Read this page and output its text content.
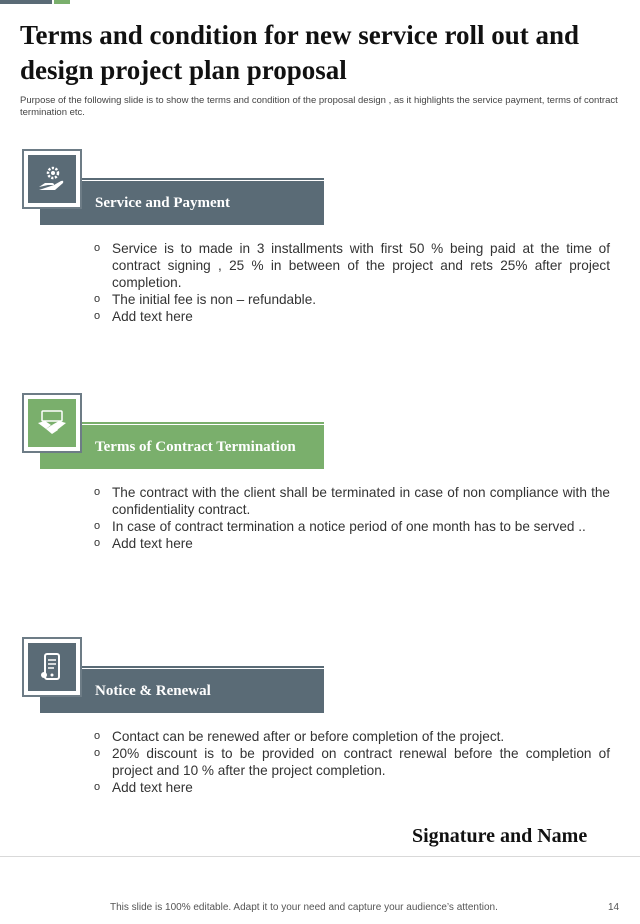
Terms and condition for new service roll out and design project plan proposal
Purpose of the following slide is to show the terms and condition of the proposal design , as it highlights the service payment, terms of contract termination etc.
Service and Payment
o Service is to made in 3 installments with first 50 % being paid at the time of contract signing , 25 % in between of the project and rets 25% after project completion.
o The initial fee is non – refundable.
o Add text here
Terms of Contract Termination
o The contract with the client shall be terminated in case of non compliance with the confidentiality contract.
o In case of contract termination a notice period of one month has to be served ..
o Add text here
Notice & Renewal
o Contact can be renewed after or before completion of the project.
o 20% discount is to be provided on contract renewal before the completion of project and 10 % after the project completion.
o Add text here
Signature and Name
This slide is 100% editable. Adapt it to your need and capture your audience’s attention.	14
